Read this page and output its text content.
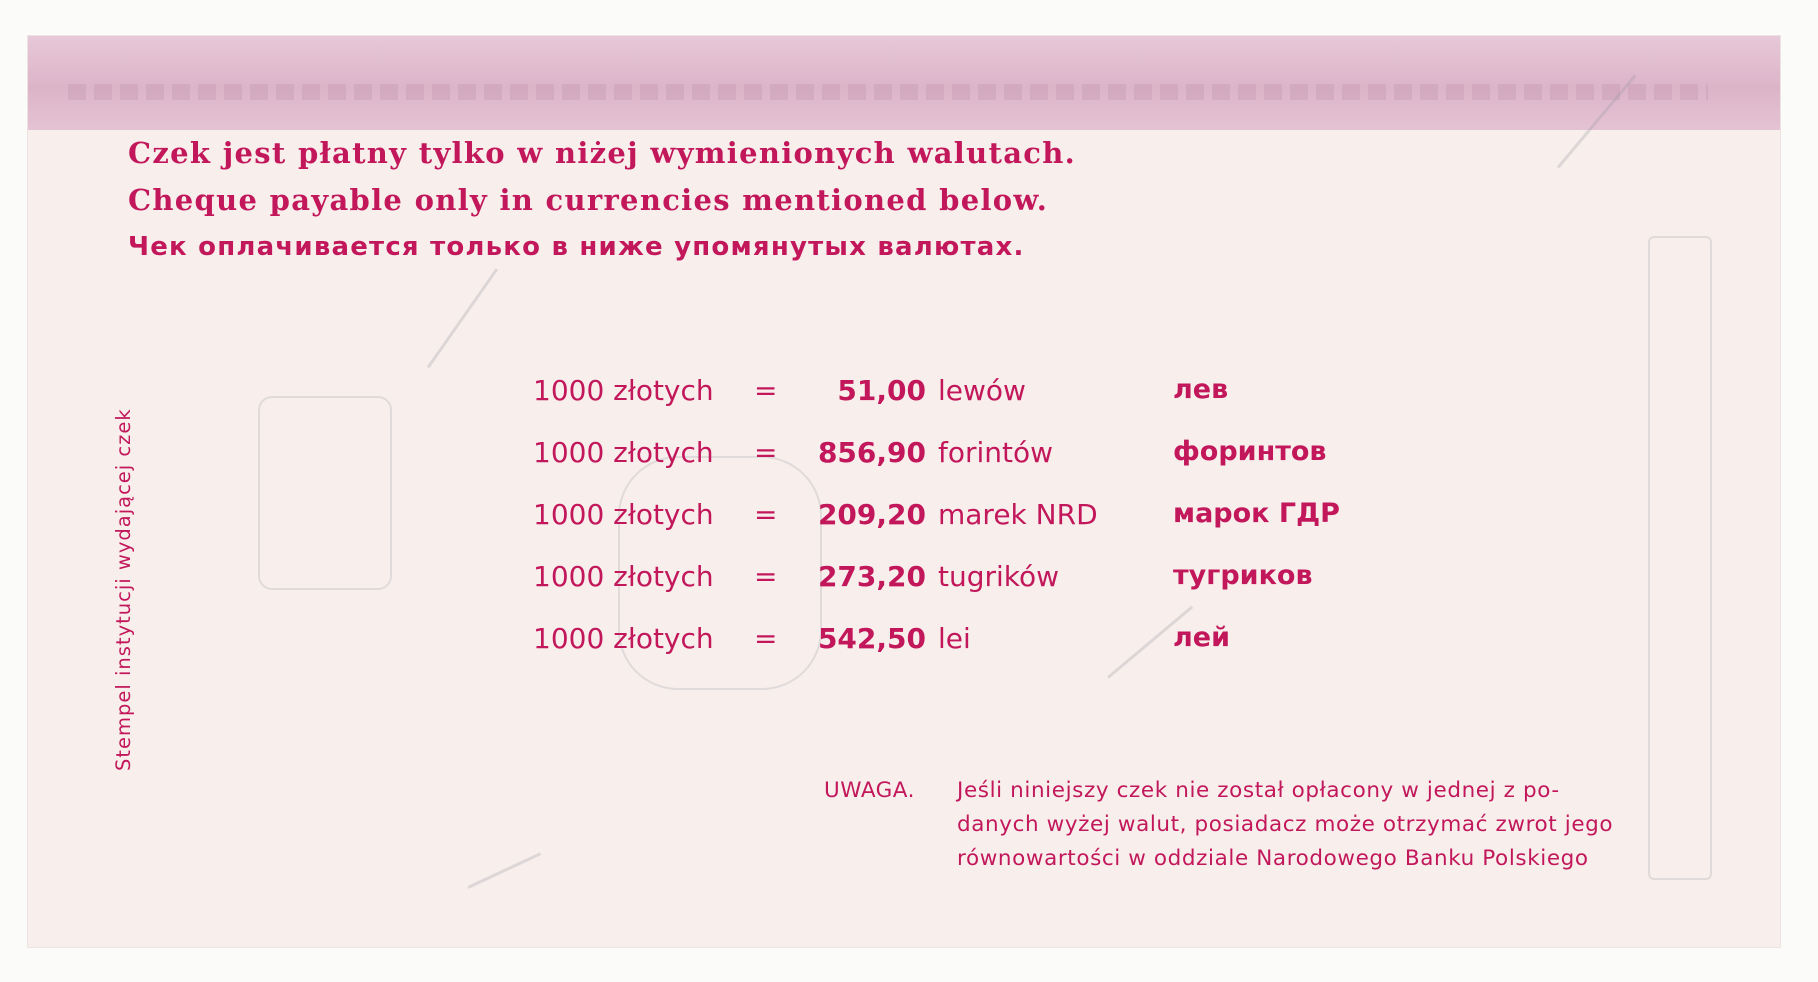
Stempel instytucji wydającej czek
Czek jest płatny tylko w niżej wymienionych walutach.
Cheque payable only in currencies mentioned below.
Чек оплачивается только в ниже упомянутых валютах.
1000 złotych =	51,00 lewów	лев
1000 złotych =	856,90 forintów	форинтов
1000 złotych =	209,20 marek NRD	марок ГДР
1000 złotych =	273,20 tugrików	тугриков
1000 złotych =	542,50 lei	лей
UWAGA. Jeśli niniejszy czek nie został opłacony w jednej z po-
danych wyżej walut, posiadacz może otrzymać zwrot jego
równowartości w oddziale Narodowego Banku Polskiego
